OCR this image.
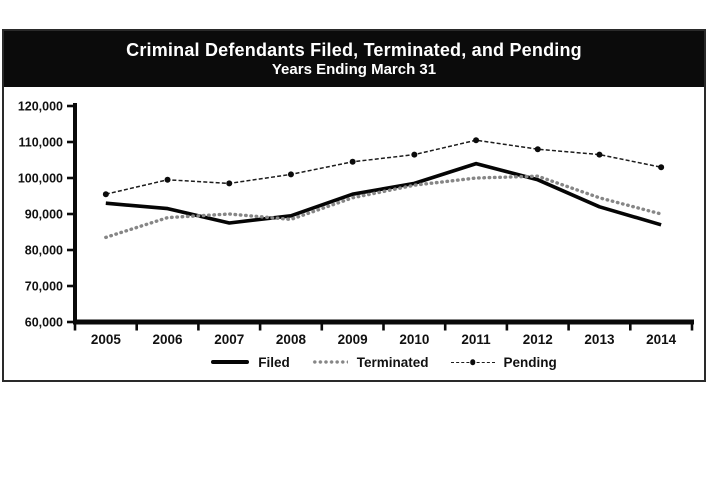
Criminal Defendants Filed, Terminated, and Pending
Years Ending March 31
120,000
110,000
100,000
90,000
80,000
70,000
60,000
2005 2006 2007 2008 2009 2010 2011 2012 2013 2014
Filed	Terminated	Pending
